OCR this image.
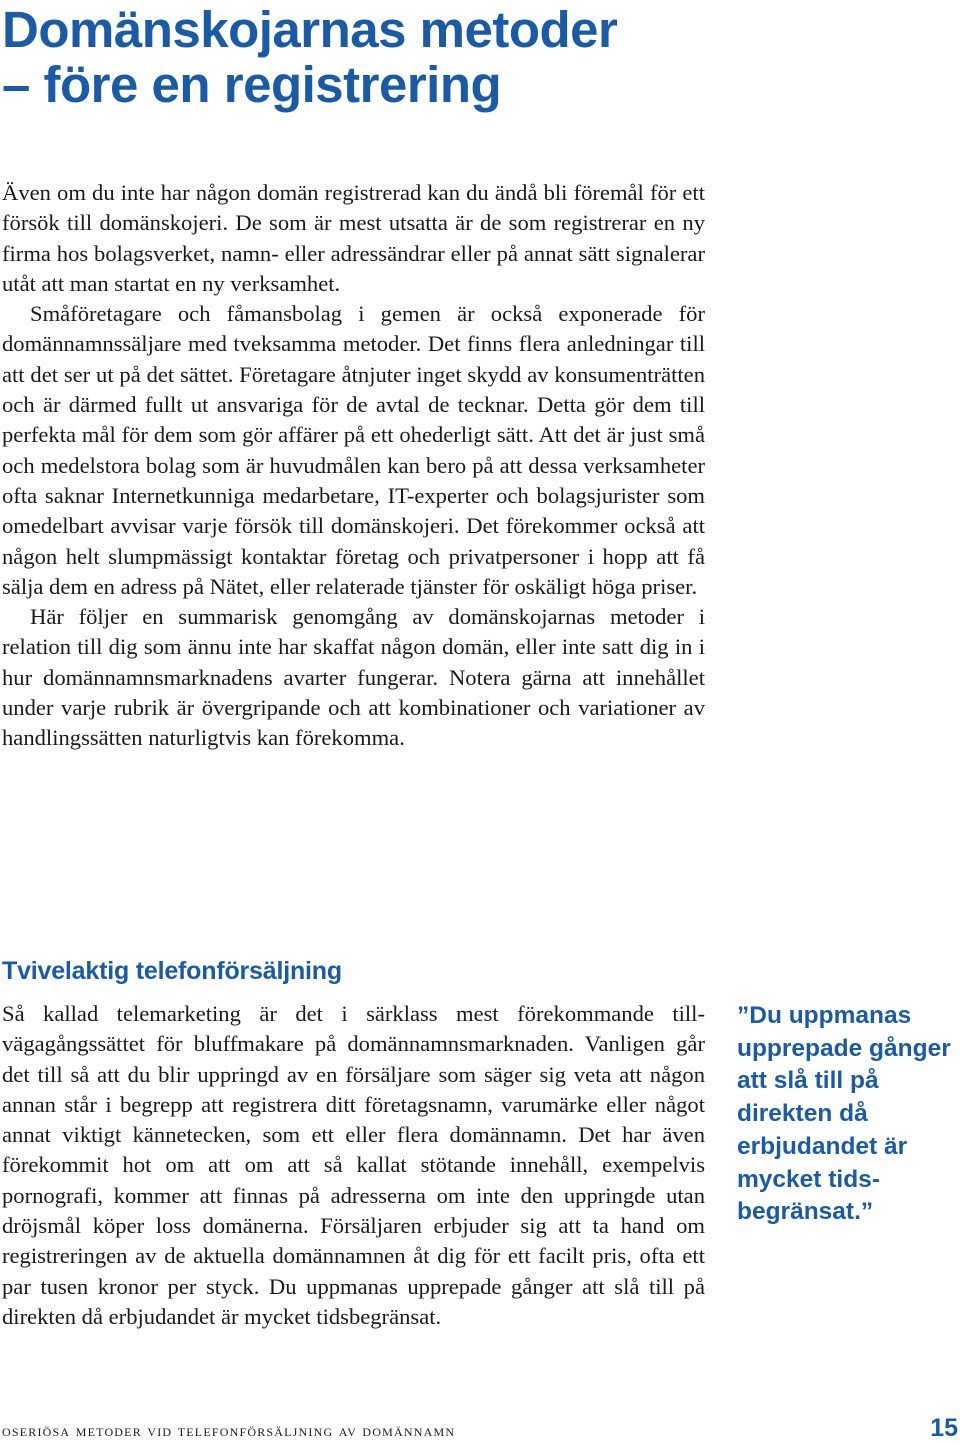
Domänskojarnas metoder
– före en registrering

Även om du inte har någon domän registrerad kan du ändå bli föremål för ett försök till domänskojeri. De som är mest utsatta är de som registrerar en ny firma hos bolagsverket, namn- eller adressändrar eller på annat sätt signalerar utåt att man startat en ny verksamhet.

Småföretagare och fåmansbolag i gemen är också exponerade för domännamnssäljare med tveksamma metoder. Det finns flera anledningar till att det ser ut på det sättet. Företagare åtnjuter inget skydd av konsumenträtten och är därmed fullt ut ansvariga för de avtal de tecknar. Detta gör dem till perfekta mål för dem som gör affärer på ett ohederligt sätt. Att det är just små och medelstora bolag som är huvudmålen kan bero på att dessa verksamheter ofta saknar Internetkunniga medarbetare, IT-experter och bolagsjurister som omedelbart avvisar varje försök till domänskojeri. Det förekommer också att någon helt slumpmässigt kontaktar företag och privatpersoner i hopp att få sälja dem en adress på Nätet, eller relaterade tjänster för oskäligt höga priser.

Här följer en summarisk genomgång av domänskojarnas metoder i relation till dig som ännu inte har skaffat någon domän, eller inte satt dig in i hur domännamnsmarknadens avarter fungerar. Notera gärna att innehållet under varje rubrik är övergripande och att kombinationer och variationer av handlingssätten naturligtvis kan förekomma.

Tvivelaktig telefonförsäljning

Så kallad telemarketing är det i särklass mest förekommande tillvägagångssättet för bluffmakare på domännamnsmarknaden. Vanligen går det till så att du blir uppringd av en försäljare som säger sig veta att någon annan står i begrepp att registrera ditt företagsnamn, varumärke eller något annat viktigt kännetecken, som ett eller flera domännamn. Det har även förekommit hot om att om att så kallat stötande innehåll, exempelvis pornografi, kommer att finnas på adresserna om inte den uppringde utan dröjsmål köper loss domänerna. Försäljaren erbjuder sig att ta hand om registreringen av de aktuella domännamnen åt dig för ett facilt pris, ofta ett par tusen kronor per styck. Du uppmanas upprepade gånger att slå till på direkten då erbjudandet är mycket tidsbegränsat.

”Du uppmanas upprepade gånger att slå till på direkten då erbjudandet är mycket tidsbegränsat.”

oseriösa metoder vid telefonförsäljning av domännamn	15
